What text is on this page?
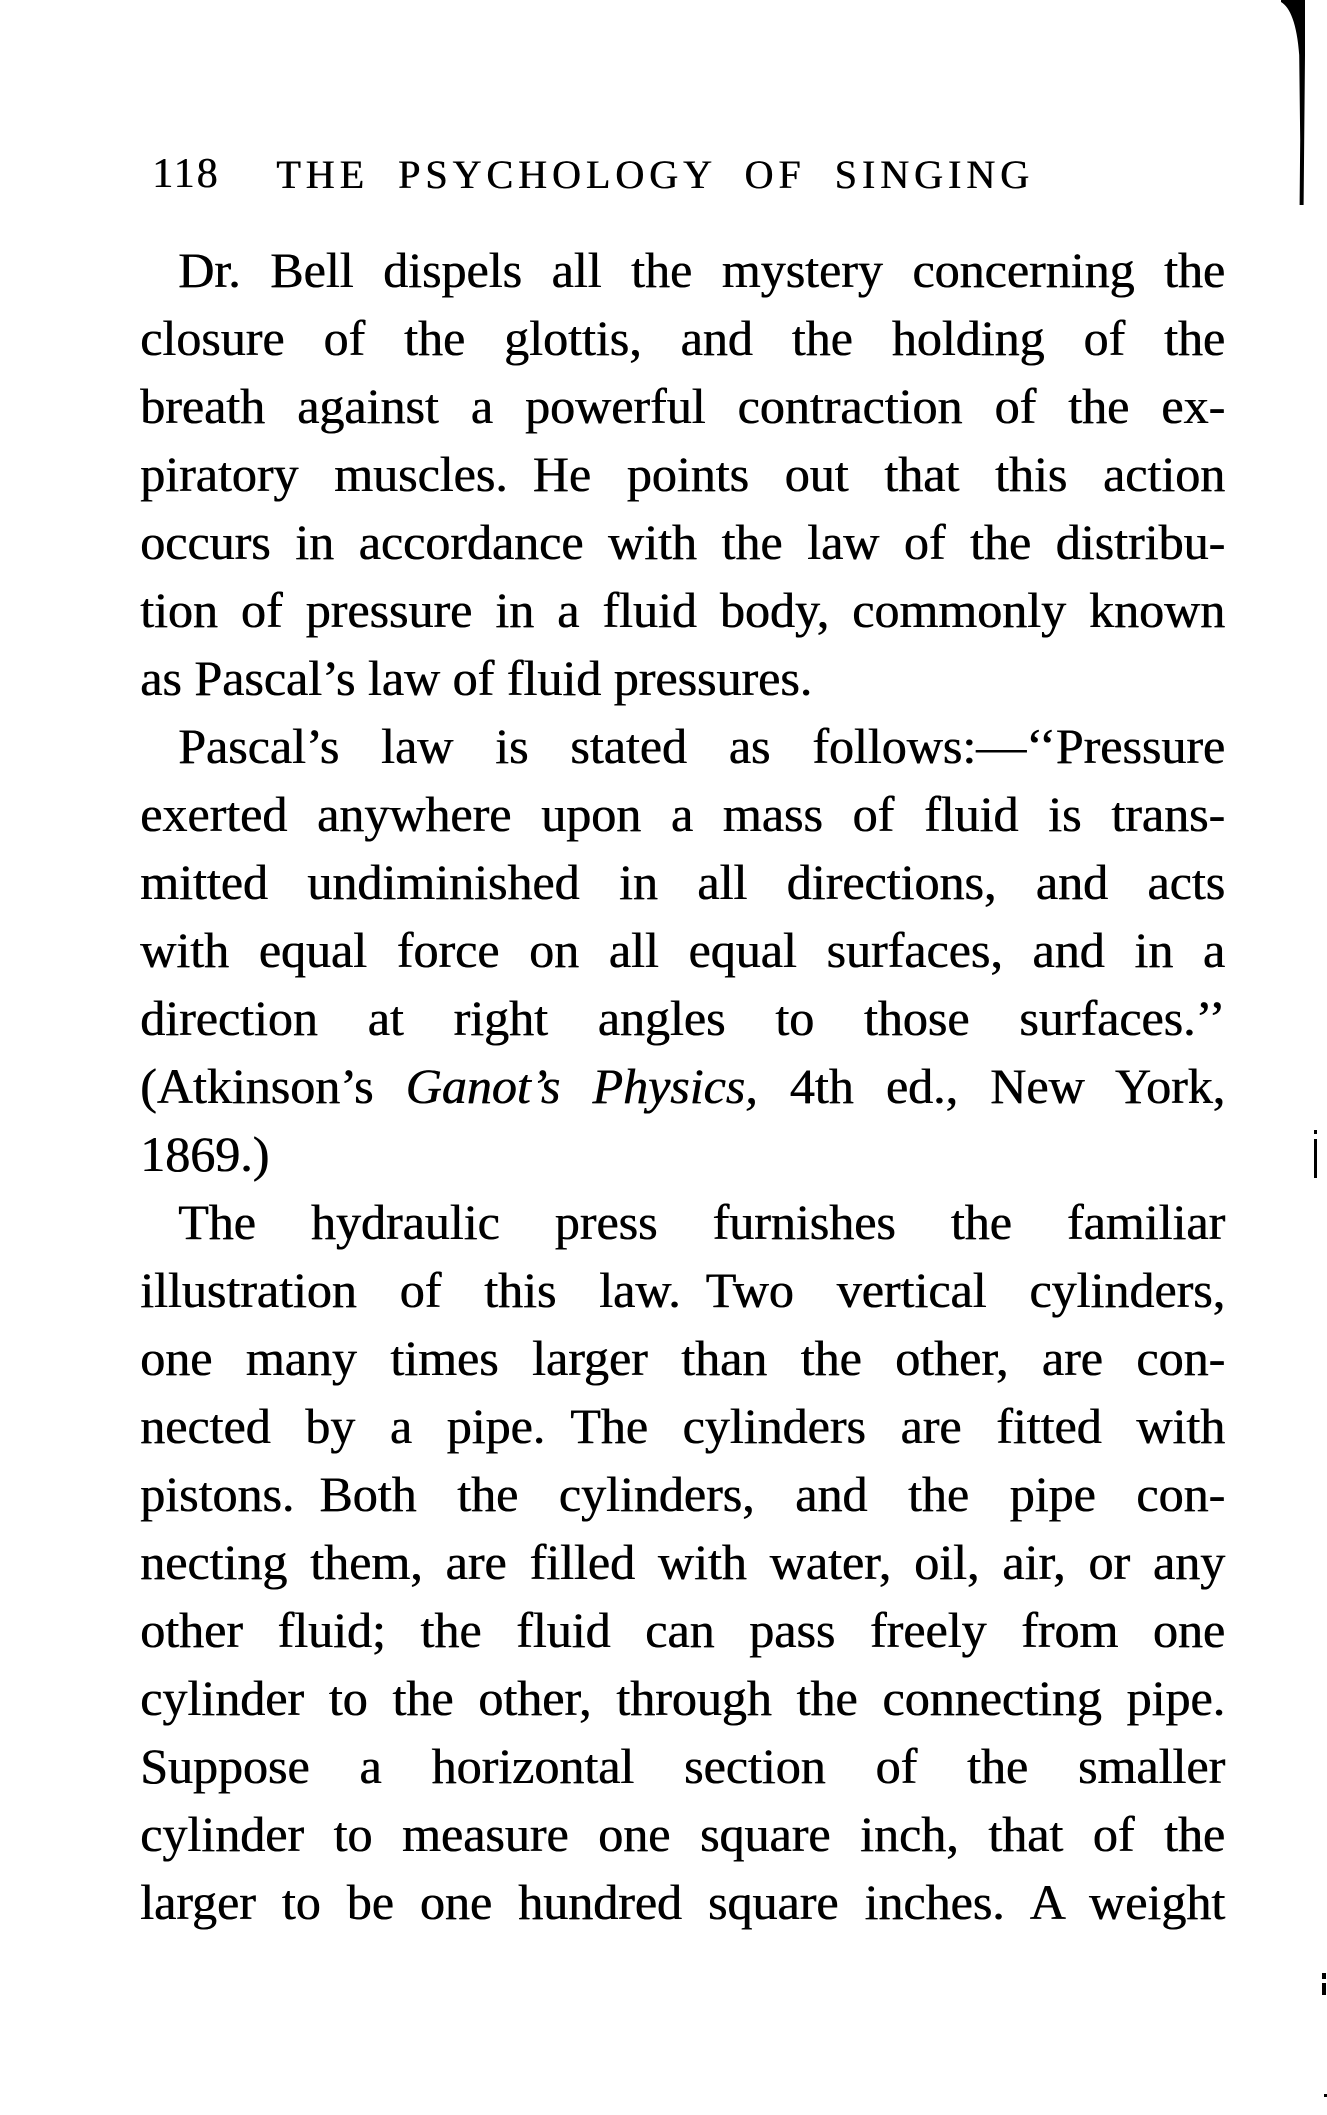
118 THE PSYCHOLOGY OF SINGING
Dr. Bell dispels all the mystery concerning the
closure of the glottis, and the holding of the
breath against a powerful contraction of the ex-
piratory muscles. He points out that this action
occurs in accordance with the law of the distribu-
tion of pressure in a fluid body, commonly known
as Pascal’s law of fluid pressures.
Pascal’s law is stated as follows:—‘‘Pressure
exerted anywhere upon a mass of fluid is trans-
mitted undiminished in all directions, and acts
with equal force on all equal surfaces, and in a
direction at right angles to those surfaces.’’
(Atkinson’s Ganot’s Physics, 4th ed., New York,
1869.)
The hydraulic press furnishes the familiar
illustration of this law. Two vertical cylinders,
one many times larger than the other, are con-
nected by a pipe. The cylinders are fitted with
pistons. Both the cylinders, and the pipe con-
necting them, are filled with water, oil, air, or any
other fluid; the fluid can pass freely from one
cylinder to the other, through the connecting pipe.
Suppose a horizontal section of the smaller
cylinder to measure one square inch, that of the
larger to be one hundred square inches. A weight
